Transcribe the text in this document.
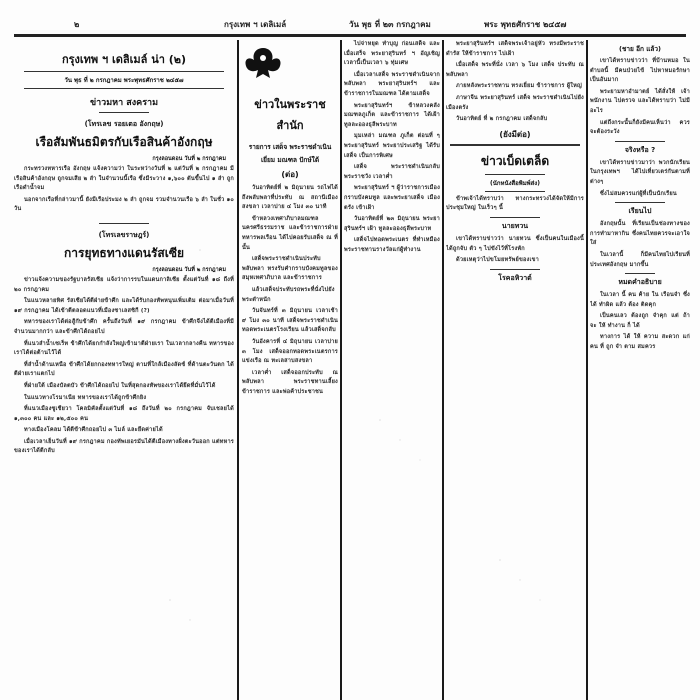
๒	กรุงเทพ ฯ เดลิเมล์	วัน พุธ ที่ ๒๓ กรกฎาคม	พระ พุทธศักราช ๒๔๕๗
กรุงเทพ ฯ เดลิเมล์ น่า (๒)
วัน พุธ ที่ ๒ กรกฎาคม พระพุทธศักราช ๒๔๕๗
ข่าวมหา สงคราม
(โทรเลข รอยเตอ อังกฤษ)
เรือสัมพันธมิตรกับเรือสินค้าอังกฤษ
กรุงลอนดอน วันที่ ๒ กรกฎาคม

กระทรวงทหารเรือ อังกฤษ แจ้งความว่า ในระหว่างวันที่ ๒ แต่วันที่ ๒ กรกฎาคม มีเรือสินค้าอังกฤษ ถูกจมเสีย ๒ ลำ ในจำนวนนี้เรือ ซึ่งมีระวาง ๑,๖๐๐ ตันขึ้นไป ๑ ลำ ถูกเรือดำน้ำจม

นอกจากเรือที่กล่าวมานี้ ยังมีเรือประมง ๒ ลำ ถูกจม รวมจำนวนเรือ ๖ ลำ ในชั่ว ๑๐ วัน

(โทรเลขราษฎร์)
การยุทธทางแดนรัสเซีย
กรุงลอนดอน วันที่ ๒ กรกฎาคม

ข่าวแจ้งความของรัฐบาลรัสเซีย แจ้งว่าการรบในแดนกาลิเซีย ตั้งแต่วันที่ ๑๘ ถึงที่ ๒๐ กรกฎาคม

ในแนวหลายทิศ รัสเซียได้ตีฝ่ายข้าศึก และได้รับกองทัพหนุนเพิ่มเติม ต่อมาเมื่อวันที่ ๑๙ กรกฎาคม ได้เข้าตีตลอดแนวที่เมืองซาเลสซิกี (?)

ทหารของเราได้ต่อสู้กับข้าศึก ครั้นถึงวันที่ ๑๙ กรกฎาคม ข้าศึกจึงได้ตีเมืองที่มีจำนวนมากกว่า และข้าศึกได้ถอยไป

ที่แนวลำน้ำเซเร็ท ข้าศึกได้ยกกำลังใหญ่เข้ามาตีฝ่ายเรา ในเวลากลางคืน ทหารของเราได้ต่อต้านไว้ได้

ที่ลำน้ำด้านเหนือ ข้าศึกได้ยกกองทหารใหญ่ ตามที่ใกล้เมืองลัดซ์ ที่ด้านตะวันตก ได้ตีฝ่ายเราแตกไป

ที่ฝ่ายใต้ เมืองบัลตบัว ข้าศึกได้ถอยไป ในที่สุดกองทัพของเราได้ยึดที่มั่นไว้ได้

ในแนวทางโรมาเนีย ทหารของเราได้ถูกข้าศึกยิง

ที่แนวเมืองซูเชียวา โคลมิคัลตั้งแต่วันที่ ๑๘ ถึงวันที่ ๒๐ กรกฎาคม จับเชลยได้ ๑,๓๐๐ คน และ ๑๒,๕๐๐ คน

ทางเมืองโคลม ได้ตีข้าศึกถอยไป ๓ ไมล์ และยึดค่ายได้

เมื่อเวลาเย็นวันที่ ๑๙ กรกฎาคม กองทัพเยอรมันได้ตีเมืองทางฝั่งตะวันออก แต่ทหารของเราได้ตีกลับ

ข่าวในพระราช
สำนัก
รายการ เสด็จ พระราชดำเนิน
เยี่ยม มณฑล ปักษ์ใต้
(ต่อ)

วันอาทิตย์ที่ ๒ มิถุนายน รถไฟได้ถึงพลับพลาที่ประทับ ณ สถานีเมืองสงขลา เวลาบ่าย ๔ โมง ๓๐ นาที

ข้าหลวงเทศาภิบาลมณฑลนครศรีธรรมราช และข้าราชการฝ่ายทหารพลเรือน ได้ไปคอยรับเสด็จ ณ ที่นั้น

เสด็จพระราชดำเนินประทับพลับพลา ทรงรับคำกราบบังคมทูลของสมุหเทศาภิบาล และข้าราชการ

แล้วเสด็จประทับรถพระที่นั่งไปยังพระตำหนัก

วันจันทร์ที่ ๓ มิถุนายน เวลาเช้า ๙ โมง ๓๐ นาที เสด็จพระราชดำเนินทอดพระเนตรโรงเรียน แล้วเสด็จกลับ

วันอังคารที่ ๔ มิถุนายน เวลาบ่าย ๓ โมง เสด็จออกทอดพระเนตรการแข่งเรือ ณ ทะเลสาบสงขลา

เวลาค่ำ เสด็จออกประทับ ณ พลับพลา พระราชทานเลี้ยงข้าราชการ และพ่อค้าประชาชน

ไปจ่าหยุด ทำบุญ ก่อนเสด็จ และเมื่อเสร็จ พระยาสุรินทร์ ฯ อัญเชิญ เวลานี้เป็นเวลา ๖ ทุ่มเศษ

เมื่อเวลาเสด็จ พระราชดำเนินจากพลับพลา พระยาสุรินทร์ฯ และข้าราชการในมณฑล ได้ตามเสด็จ

พระยาสุรินทร์ฯ ข้าหลวงคลังมณฑลภูเก็ต และข้าราชการ ได้เฝ้าทูลละอองธุลีพระบาท

มุมเหล่า มณฑล ภูเก็ต ต่อนที่ ๆ พระยาสุรินทร์ พระยาประเสริฐ ได้รับเสด็จ เป็นการพิเศษ

เสด็จ พระราชดำเนินกลับ พระราชวัง เวลาค่ำ

พระยาสุรินทร์ ฯ ผู้ว่าราชการเมือง กราบบังคมทูล และพระยาเสด็จ เมืองตรัง เข้าเฝ้า

วันอาทิตย์ที่ ๒๓ มิถุนายน พระยาสุรินทร์ฯ เฝ้า ทูลละอองธุลีพระบาท

เสด็จไปทอดพระเนตร ที่ทำเหมือง พระราชทานรางวัลแก่ผู้ทำงาน

พระยาสุรินทร์ฯ เสด็จพระเจ้าอยู่หัว ทรงมีพระราชดำรัส ให้ข้าราชการ ไปเฝ้า

เมื่อเสด็จ พระที่นั่ง เวลา ๖ โมง เสด็จ ประทับ ณ พลับพลา

ภายหลังพระราชทาน ทรงเยี่ยม ข้าราชการ ผู้ใหญ่

ภาษาจีน พระยาสุรินทร์ เสด็จ พระราชดำเนินไปยัง เมืองตรัง

วันอาทิตย์ ที่ ๒ กรกฎาคม เสด็จกลับ

(ยังมีต่อ)
ข่าวเบ็ดเตล็ด
(นักหนังสือพิมพ์ส่ง)

ข้าพเจ้าได้ทราบว่า ทางกระทรวงได้จัดให้มีการประชุมใหญ่ ในเร็วๆ นี้

นายทวน

เขาได้ทราบข่าวว่า นายทวน ซึ่งเป็นคนในเมืองนี้ ได้ถูกจับ ตัว ๆ ไปขังไว้ที่โรงพัก

ด้วยเหตุว่าไปขโมยทรัพย์ของเขา

โรคอหิวาต์
(ชาย อีก แล้ว)

เขาได้ทราบข่าวว่า ที่บ้านหมอ ในตำบลนี้ มีคนป่วยไข้ ไปหาหมอรักษา เป็นอันมาก

พระยามหาอำมาตย์ ได้สั่งให้ เจ้าพนักงาน ไปตรวจ และได้ทราบว่า ไม่มีอะไร

แต่ถึงกระนั้นก็ยังมีคนเห็นว่า ควรจะต้องระวัง

จริงหรือ ?

เขาได้ทราบข่าวมาว่า พวกนักเรียน ในกรุงเทพฯ ได้ไปเที่ยวเตร่กันตามที่ต่างๆ

ซึ่งไม่สมควรแก่ผู้ที่เป็นนักเรียน

เรียนไป

อังกฤษนั้น ที่เรียนเป็นช่องทางของ การทำมาหากิน ซึ่งคนไทยควรจะเอาใจใส่

ในเวลานี้ ก็มีคนไทยไปเรียนที่ประเทศอังกฤษ มากขึ้น

หมดคำอธิบาย

ในเวลา นี้ คน ค้าย ใน เรือนจำ ซึ่ง ได้ ทำผิด แล้ว ต้อง ติดคุก

เป็นคนเลว ต้องถูก จำคุก แต่ ถ้า จะ ให้ ทำงาน ก็ ได้

ทางการ ได้ ให้ ความ สะดวก แก่ คน ที่ ถูก จำ ตาม สมควร
